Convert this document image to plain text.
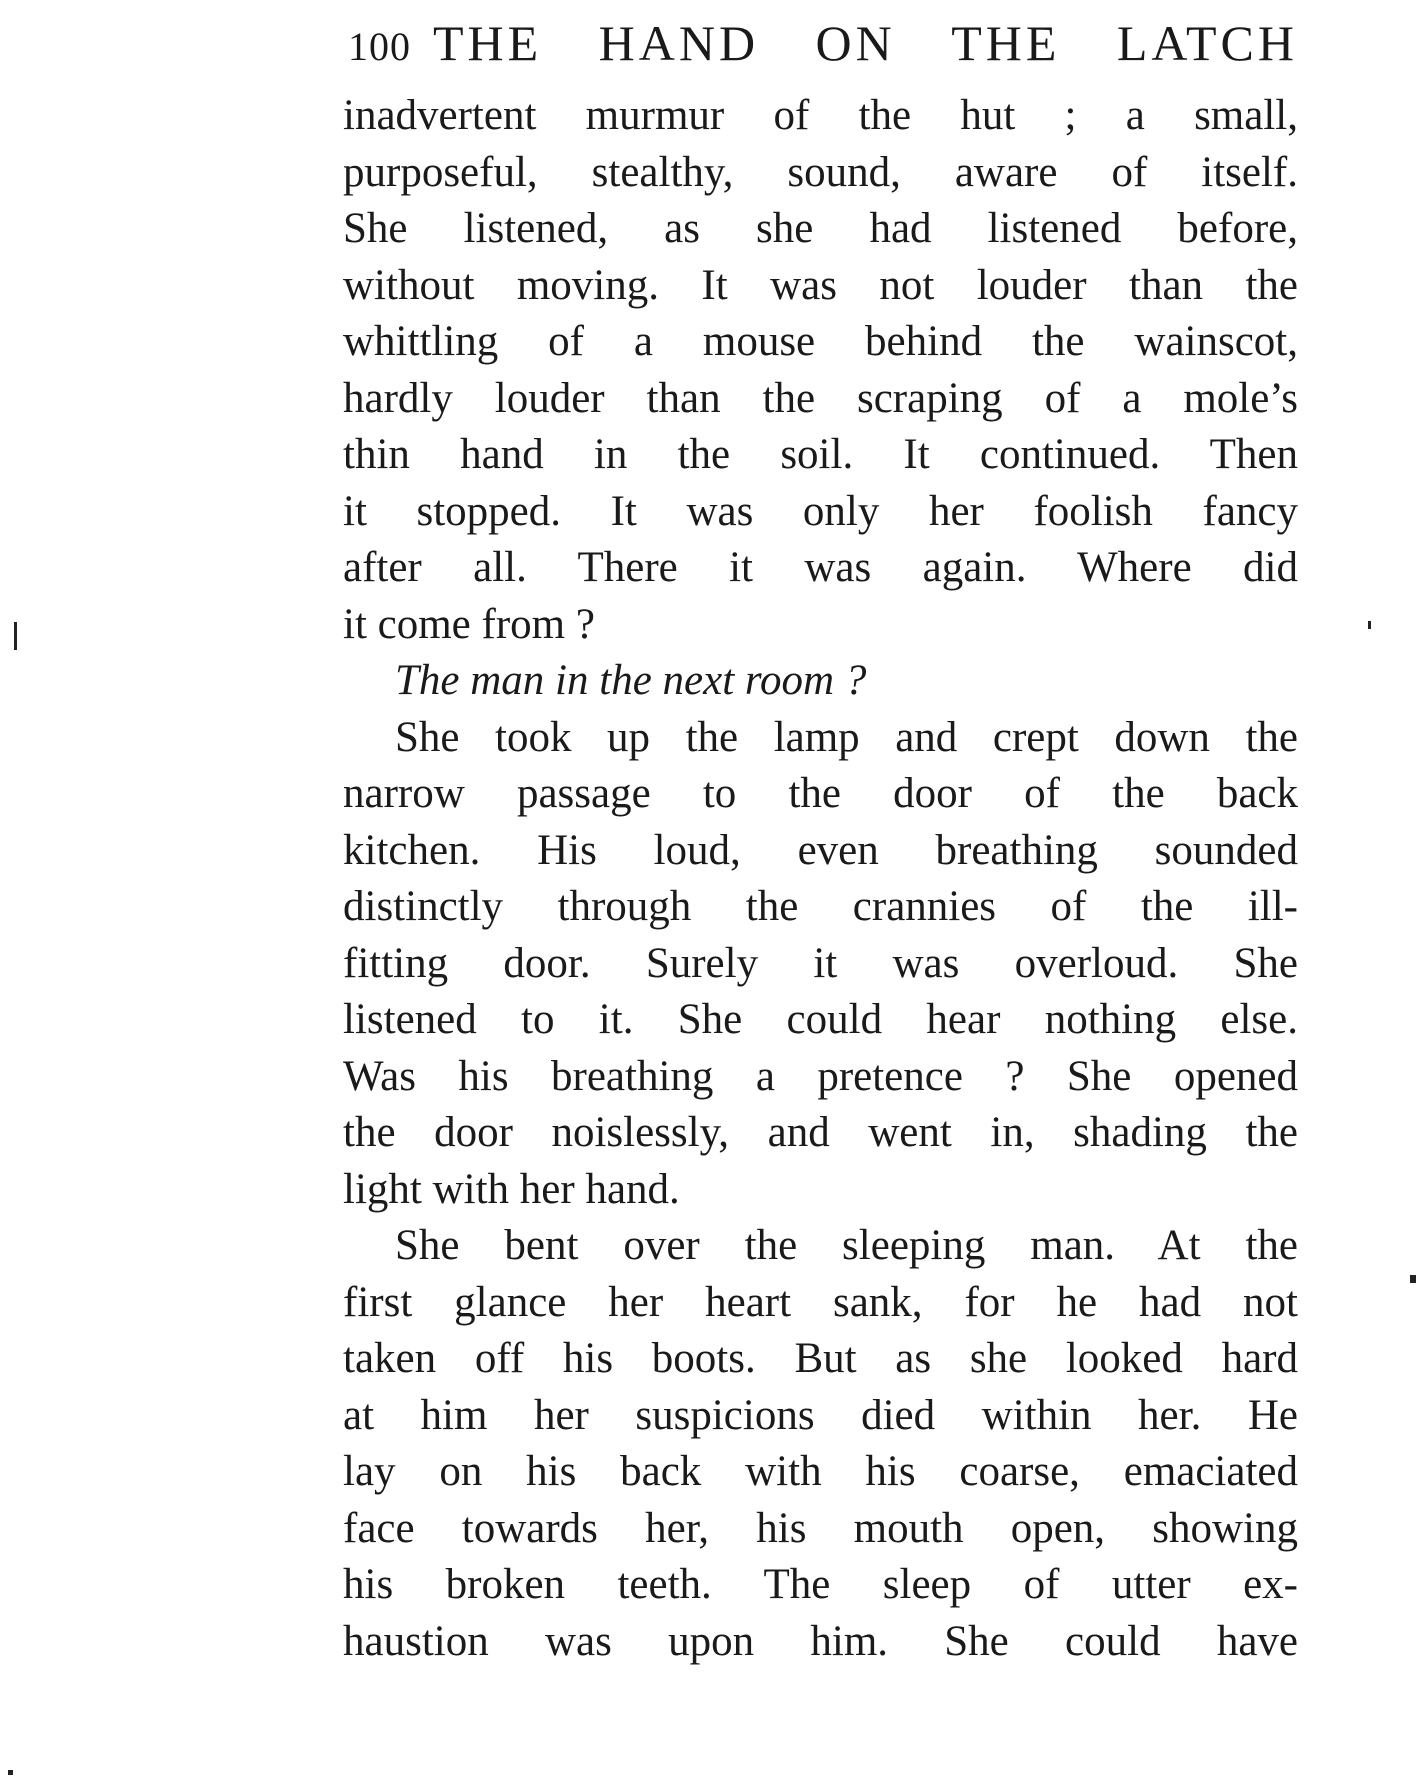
100 THE HAND ON THE LATCH
inadvertent murmur of the hut ; a small,
purposeful, stealthy, sound, aware of itself.
She listened, as she had listened before,
without moving. It was not louder than the
whittling of a mouse behind the wainscot,
hardly louder than the scraping of a mole’s
thin hand in the soil. It continued. Then
it stopped. It was only her foolish fancy
after all. There it was again. Where did
it come from ?
The man in the next room ?
She took up the lamp and crept down the
narrow passage to the door of the back
kitchen. His loud, even breathing sounded
distinctly through the crannies of the ill-
fitting door. Surely it was overloud. She
listened to it. She could hear nothing else.
Was his breathing a pretence ? She opened
the door noislessly, and went in, shading the
light with her hand.
She bent over the sleeping man. At the
first glance her heart sank, for he had not
taken off his boots. But as she looked hard
at him her suspicions died within her. He
lay on his back with his coarse, emaciated
face towards her, his mouth open, showing
his broken teeth. The sleep of utter ex-
haustion was upon him. She could have
